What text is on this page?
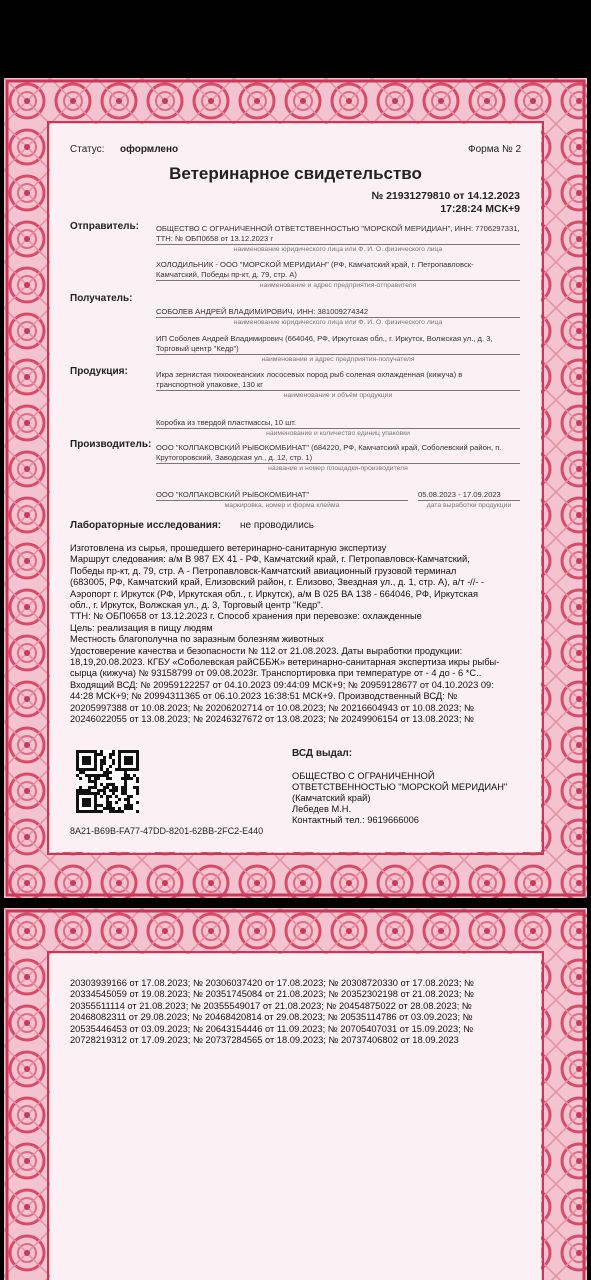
Статус: оформлено	Форма № 2
Ветеринарное свидетельство
№ 21931279810 от 14.12.2023
17:28:24 МСК+9
Отправитель: ОБЩЕСТВО С ОГРАНИЧЕННОЙ ОТВЕТСТВЕННОСТЬЮ "МОРСКОЙ МЕРИДИАН", ИНН: 7706297331,
ТТН: № ОБП0658 от 13.12.2023 г
наименование юридического лица или Ф. И. О. физического лица
ХОЛОДИЛЬНИК - ООО "МОРСКОЙ МЕРИДИАН" (РФ, Камчатский край, г. Петропавловск-
Камчатский, Победы пр-кт, д. 79, стр. А)
наименование и адрес предприятия-отправителя
Получатель:
СОБОЛЕВ АНДРЕЙ ВЛАДИМИРОВИЧ, ИНН: 381009274342
наименование юридического лица или Ф. И. О. физического лица
ИП Соболев Андрей Владимирович (664046, РФ, Иркутская обл., г. Иркутск, Волжская ул., д. 3,
Торговый центр "Кедр")
наименование и адрес предприятия-получателя
Продукция:	Икра зернистая тихоокеанских лососевых пород рыб соленая охлажденная (кижуча) в
транспортной упаковке, 130 кг
наименование и объём продукции
Коробка из твердой пластмассы, 10 шт.
наименование и количество единиц упаковки
Производитель: ООО "КОЛПАКОВСКИЙ РЫБОКОМБИНАТ" (684220, РФ, Камчатский край, Соболевский район, п.
Крутогоровский, Заводская ул., д. 12, стр. 1)
название и номер площадки-производителя
ООО "КОЛПАКОВСКИЙ РЫБОКОМБИНАТ"
маркировка, номер и форма клейма
05.08.2023 - 17.09.2023
дата выработки продукции
Лабораторные исследования: не проводились
Изготовлена из сырья, прошедшего ветеринарно-санитарную экспертизу
Маршрут следования: а/м В 987 ЕХ 41 - РФ, Камчатский край, г. Петропавловск-Камчатский,
Победы пр-кт, д. 79, стр. А - Петропавловск-Камчатский авиационный грузовой терминал
(683005, РФ, Камчатский край, Елизовский район, г. Елизово, Звездная ул., д. 1, стр. А), а/т -//- -
Аэропорт г. Иркутск (РФ, Иркутская обл., г. Иркутск), а/м В 025 ВА 138 - 664046, РФ, Иркутская
обл., г. Иркутск, Волжская ул., д. 3, Торговый центр "Кедр".
ТТН: № ОБП0658 от 13.12.2023 г. Способ хранения при перевозке: охлажденные
Цель: реализация в пищу людям
Местность благополучна по заразным болезням животных
Удостоверение качества и безопасности № 112 от 21.08.2023. Даты выработки продукции:
18,19,20.08.2023. КГБУ «Соболевская райСББЖ» ветеринарно-санитарная экспертиза икры рыбы-
сырца (кижуча) № 93158799 от 09.08.2023г. Транспортировка при температуре от - 4 до - 6 *С..
Входящий ВСД: № 20959122257 от 04.10.2023 09:44:09 МСК+9; № 20959128677 от 04.10.2023 09:
44:28 МСК+9; № 20994311365 от 06.10.2023 16:38:51 МСК+9. Производственный ВСД: №
20205997388 от 10.08.2023; № 20206202714 от 10.08.2023; № 20216604943 от 10.08.2023; №
20246022055 от 13.08.2023; № 20246327672 от 13.08.2023; № 20249906154 от 13.08.2023; №
8A21-B69B-FA77-47DD-8201-62BB-2FC2-E440
ВСД выдал:
ОБЩЕСТВО С ОГРАНИЧЕННОЙ
ОТВЕТСТВЕННОСТЬЮ "МОРСКОЙ МЕРИДИАН"
(Камчатский край)
Лебедев М.Н.
Контактный тел.: 9619666006
20303939166 от 17.08.2023; № 20306037420 от 17.08.2023; № 20308720330 от 17.08.2023; №
20334545059 от 19.08.2023; № 20351745084 от 21.08.2023; № 20352302198 от 21.08.2023; №
20355511114 от 21.08.2023; № 20355549017 от 21.08.2023; № 20454875022 от 28.08.2023; №
20468082311 от 29.08.2023; № 20468420814 от 29.08.2023; № 20535114786 от 03.09.2023; №
20535446453 от 03.09.2023; № 20643154446 от 11.09.2023; № 20705407031 от 15.09.2023; №
20728219312 от 17.09.2023; № 20737284565 от 18.09.2023; № 20737406802 от 18.09.2023
